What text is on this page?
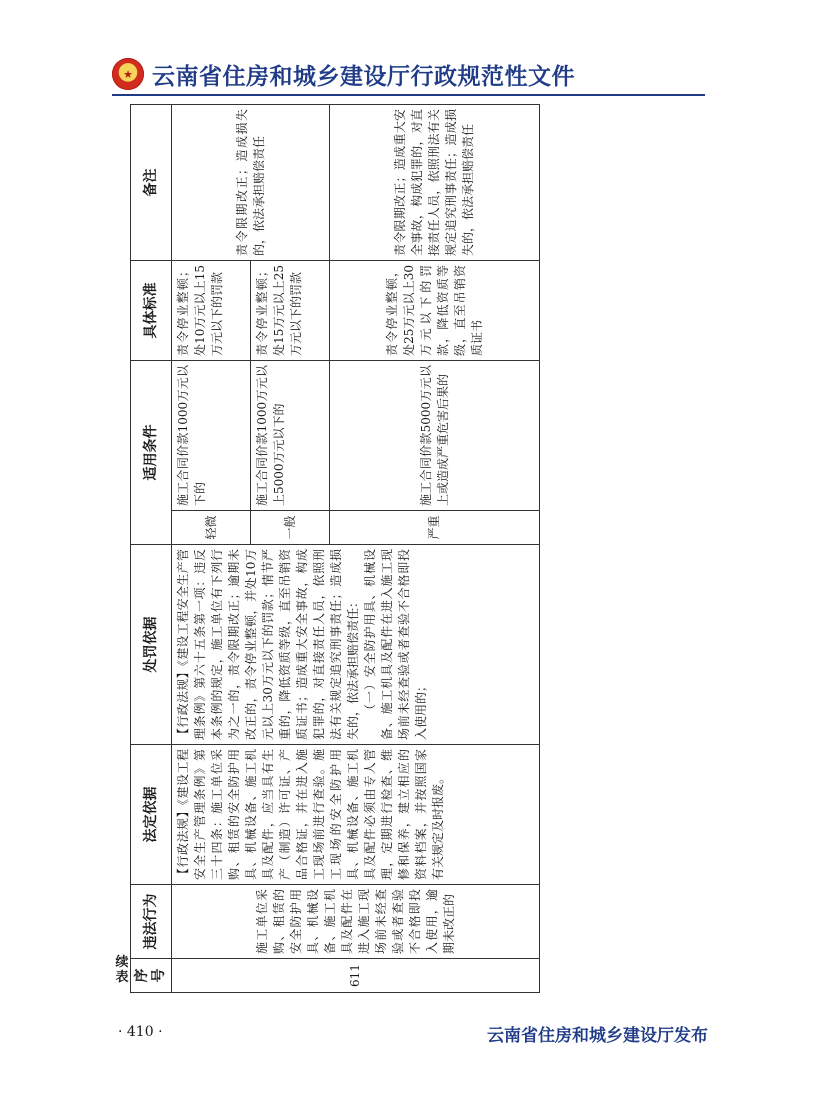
★ 云南省住房和城乡建设厅行政规范性文件
续表 序号	违法行为	法定依据	处罚依据	适用条件		具体标准	备注
611	施工单位采购、租赁的安全防护用具、机械设备、施工机具及配件在进入施工现场前未经查验或者查验不合格即投入使用，逾期未改正的	【行政法规】《建设工程安全生产管理条例》第三十四条：施工单位采购、租赁的安全防护用具、机械设备、施工机具及配件，应当具有生产（制造）许可证、产品合格证，并在进入施工现场前进行查验。施工现场的安全防护用具、机械设备、施工机具及配件必须由专人管理，定期进行检查、维修和保养，建立相应的资料档案，并按照国家有关规定及时报废。	【行政法规】《建设工程安全生产管理条例》第六十五条第一项：违反本条例的规定，施工单位有下列行为之一的，责令限期改正；逾期未改正的，责令停业整顿，并处10万元以上30万元以下的罚款；情节严重的，降低资质等级，直至吊销资质证书；造成重大安全事故，构成犯罪的，对直接责任人员，依照刑法有关规定追究刑事责任；造成损失的，依法承担赔偿责任： （一）安全防护用具、机械设备、施工机具及配件在进入施工现场前未经查验或者查验不合格即投入使用的；	轻微	施工合同价款1000万元以下的	责令停业整顿；处10万元以上15万元以下的罚款	责令限期改正；造成损失的，依法承担赔偿责任
				一般	施工合同价款1000万元以上5000万元以下的	责令停业整顿；处15万元以上25万元以下的罚款	
				严重	施工合同价款5000万元以上或造成严重危害后果的	责令停业整顿，处25万元以上30万元以下的罚款，降低资质等级，直至吊销资质证书	责令限期改正；造成重大安全事故，构成犯罪的，对直接责任人员，依照刑法有关规定追究刑事责任；造成损失的，依法承担赔偿责任
· 410 ·	云南省住房和城乡建设厅发布
